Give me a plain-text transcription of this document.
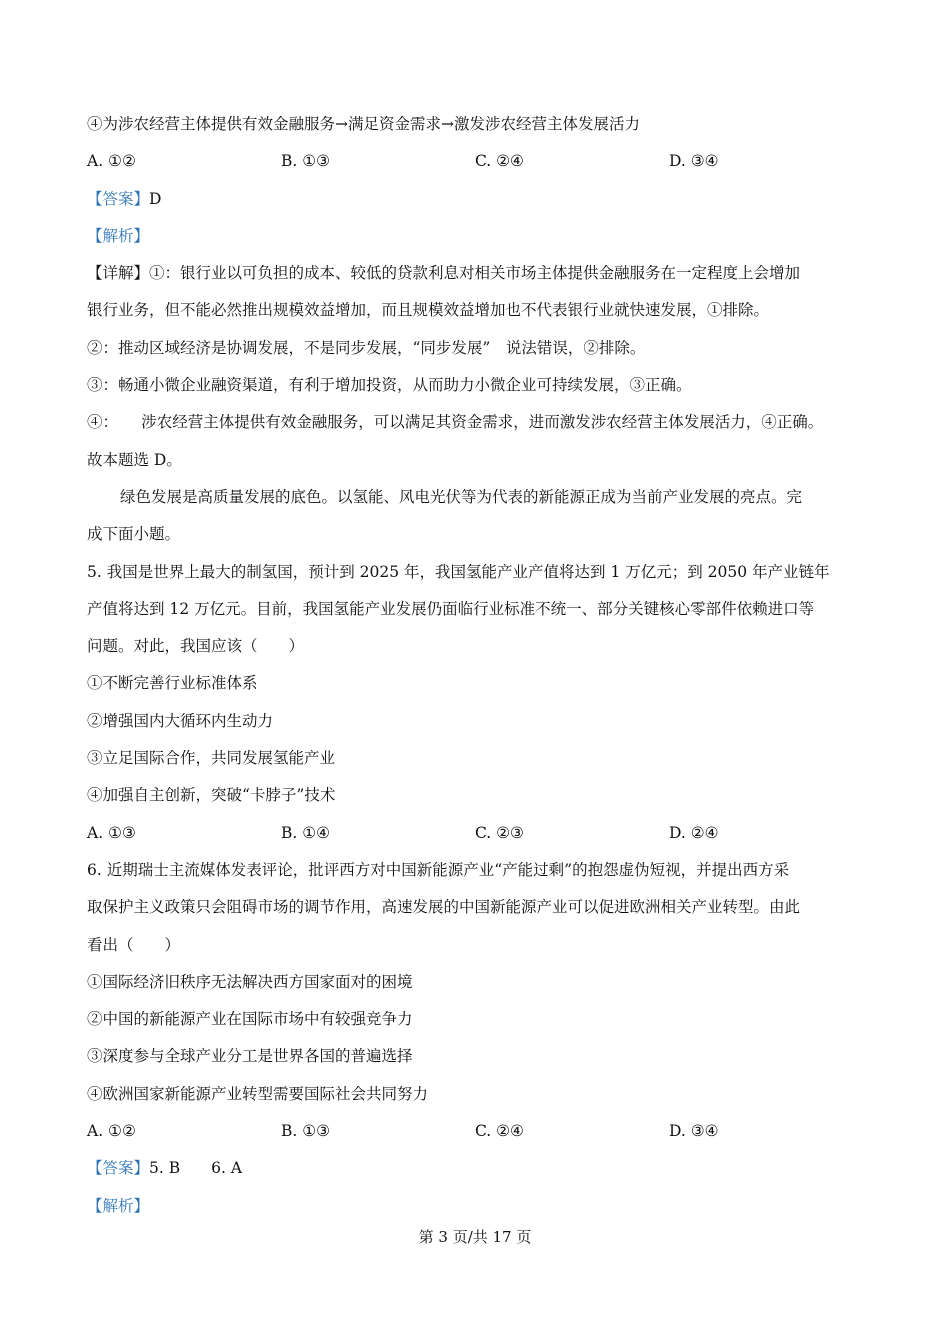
④为涉农经营主体提供有效金融服务→满足资金需求→激发涉农经营主体发展活力
A. ①②	B. ①③	C. ②④	D. ③④
【答案】D
【解析】
【详解】①：银行业以可负担的成本、较低的贷款利息对相关市场主体提供金融服务在一定程度上会增加
银行业务，但不能必然推出规模效益增加，而且规模效益增加也不代表银行业就快速发展，①排除。
②：推动区域经济是协调发展，不是同步发展，“同步发展”　说法错误，②排除。
③：畅通小微企业融资渠道，有利于增加投资，从而助力小微企业可持续发展，③正确。
④：　　涉农经营主体提供有效金融服务，可以满足其资金需求，进而激发涉农经营主体发展活力，④正确。
故本题选 D。
绿色发展是高质量发展的底色。以氢能、风电光伏等为代表的新能源正成为当前产业发展的亮点。完
成下面小题。
5. 我国是世界上最大的制氢国，预计到 2025 年，我国氢能产业产值将达到 1 万亿元；到 2050 年产业链年
产值将达到 12 万亿元。目前，我国氢能产业发展仍面临行业标准不统一、部分关键核心零部件依赖进口等
问题。对此，我国应该（　　）
①不断完善行业标准体系
②增强国内大循环内生动力
③立足国际合作，共同发展氢能产业
④加强自主创新，突破“卡脖子”技术
A. ①③	B. ①④	C. ②③	D. ②④
6. 近期瑞士主流媒体发表评论，批评西方对中国新能源产业“产能过剩”的抱怨虚伪短视，并提出西方采
取保护主义政策只会阻碍市场的调节作用，高速发展的中国新能源产业可以促进欧洲相关产业转型。由此
看出（　　）
①国际经济旧秩序无法解决西方国家面对的困境
②中国的新能源产业在国际市场中有较强竞争力
③深度参与全球产业分工是世界各国的普遍选择
④欧洲国家新能源产业转型需要国际社会共同努力
A. ①②	B. ①③	C. ②④	D. ③④
【答案】5. B　　6. A
【解析】
第 3 页/共 17 页
